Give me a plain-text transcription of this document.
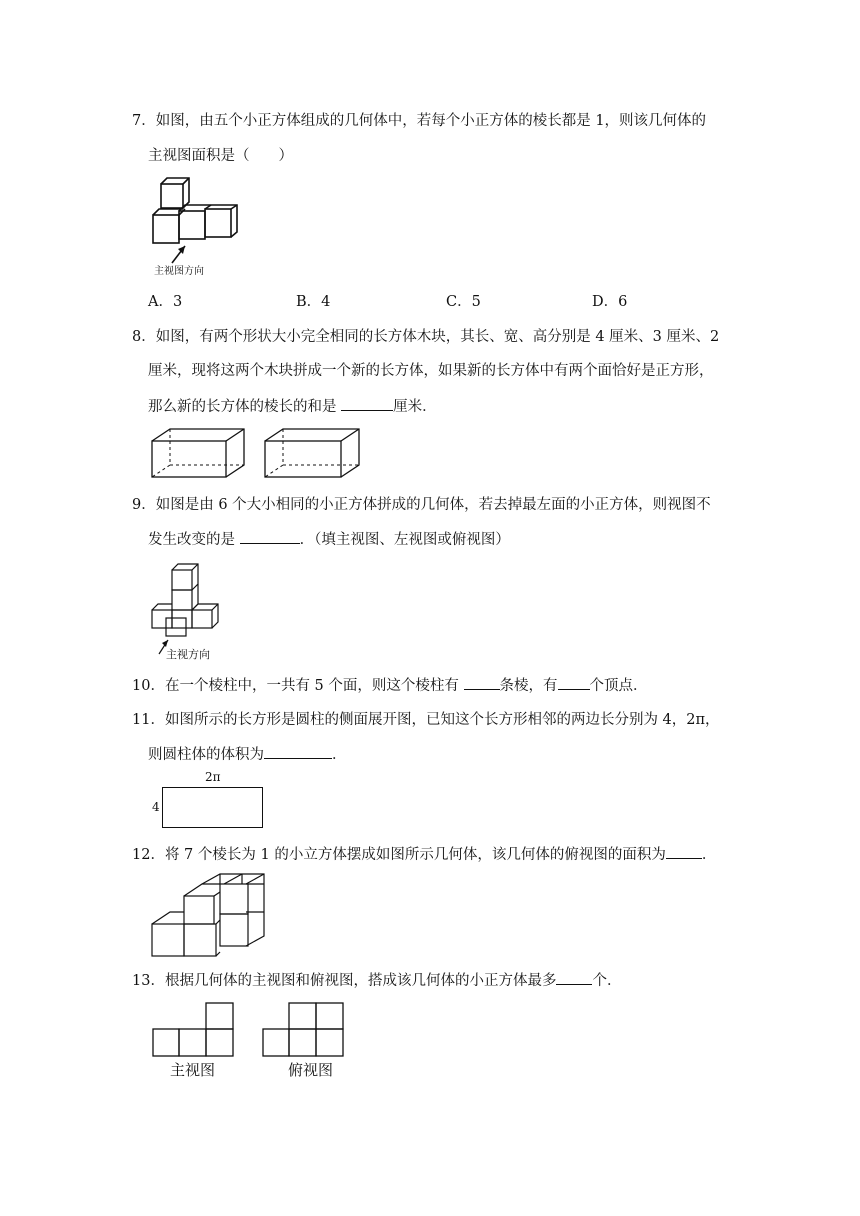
7．如图，由五个小正方体组成的几何体中，若每个小正方体的棱长都是 1，则该几何体的
主视图面积是（　　）
主视图方向
A．3	B．4	C．5	D．6
8．如图，有两个形状大小完全相同的长方体木块，其长、宽、高分别是 4 厘米、3 厘米、2
厘米，现将这两个木块拼成一个新的长方体，如果新的长方体中有两个面恰好是正方形，
那么新的长方体的棱长的和是	厘米．
9．如图是由 6 个大小相同的小正方体拼成的几何体，若去掉最左面的小正方体，则视图不
发生改变的是	．（填主视图、左视图或俯视图）
主视方向
10．在一个棱柱中，一共有 5 个面，则这个棱柱有 条棱，有 个顶点．
11．如图所示的长方形是圆柱的侧面展开图，已知这个长方形相邻的两边长分别为 4，2π，
则圆柱体的体积为	．
2π
4
12．将 7 个棱长为 1 的小立方体摆成如图所示几何体，该几何体的俯视图的面积为 ．
13．根据几何体的主视图和俯视图，搭成该几何体的小正方体最多 个．
主视图	俯视图
